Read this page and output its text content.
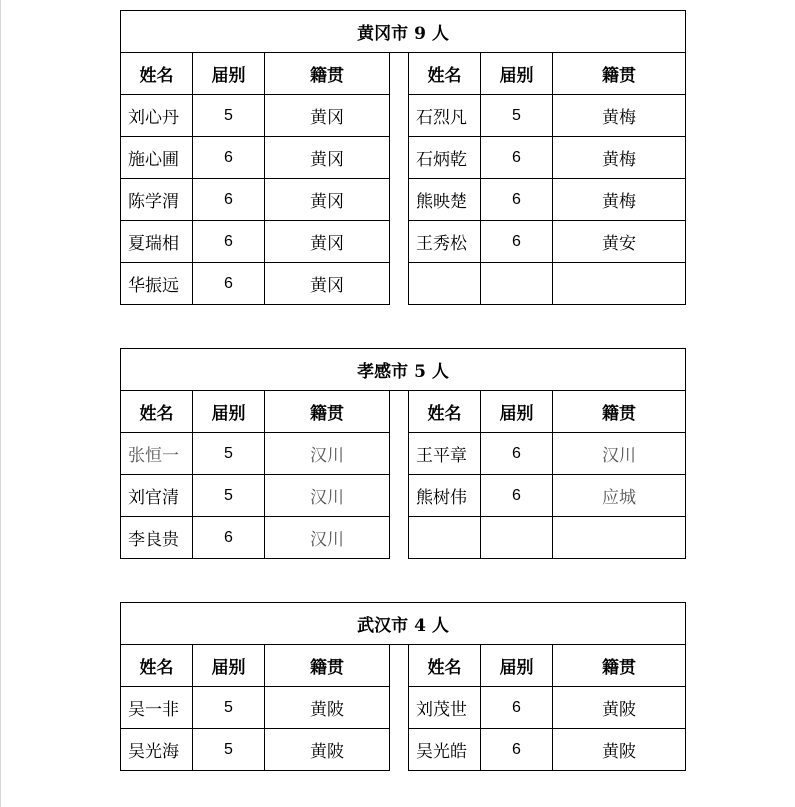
黄冈市 9 人						
姓名	届别	籍贯		姓名	届别	籍贯
刘心丹	5	黄冈		石烈凡	5	黄梅
施心圃	6	黄冈		石炳乾	6	黄梅
陈学渭	6	黄冈		熊映楚	6	黄梅
夏瑞相	6	黄冈		王秀松	6	黄安
华振远	6	黄冈				
孝感市 5 人						
姓名	届别	籍贯		姓名	届别	籍贯
张恒一	5	汉川		王平章	6	汉川
刘官清	5	汉川		熊树伟	6	应城
李良贵	6	汉川				
武汉市 4 人						
姓名	届别	籍贯		姓名	届别	籍贯
吴一非	5	黄陂		刘茂世	6	黄陂
吴光海	5	黄陂		吴光皓	6	黄陂
